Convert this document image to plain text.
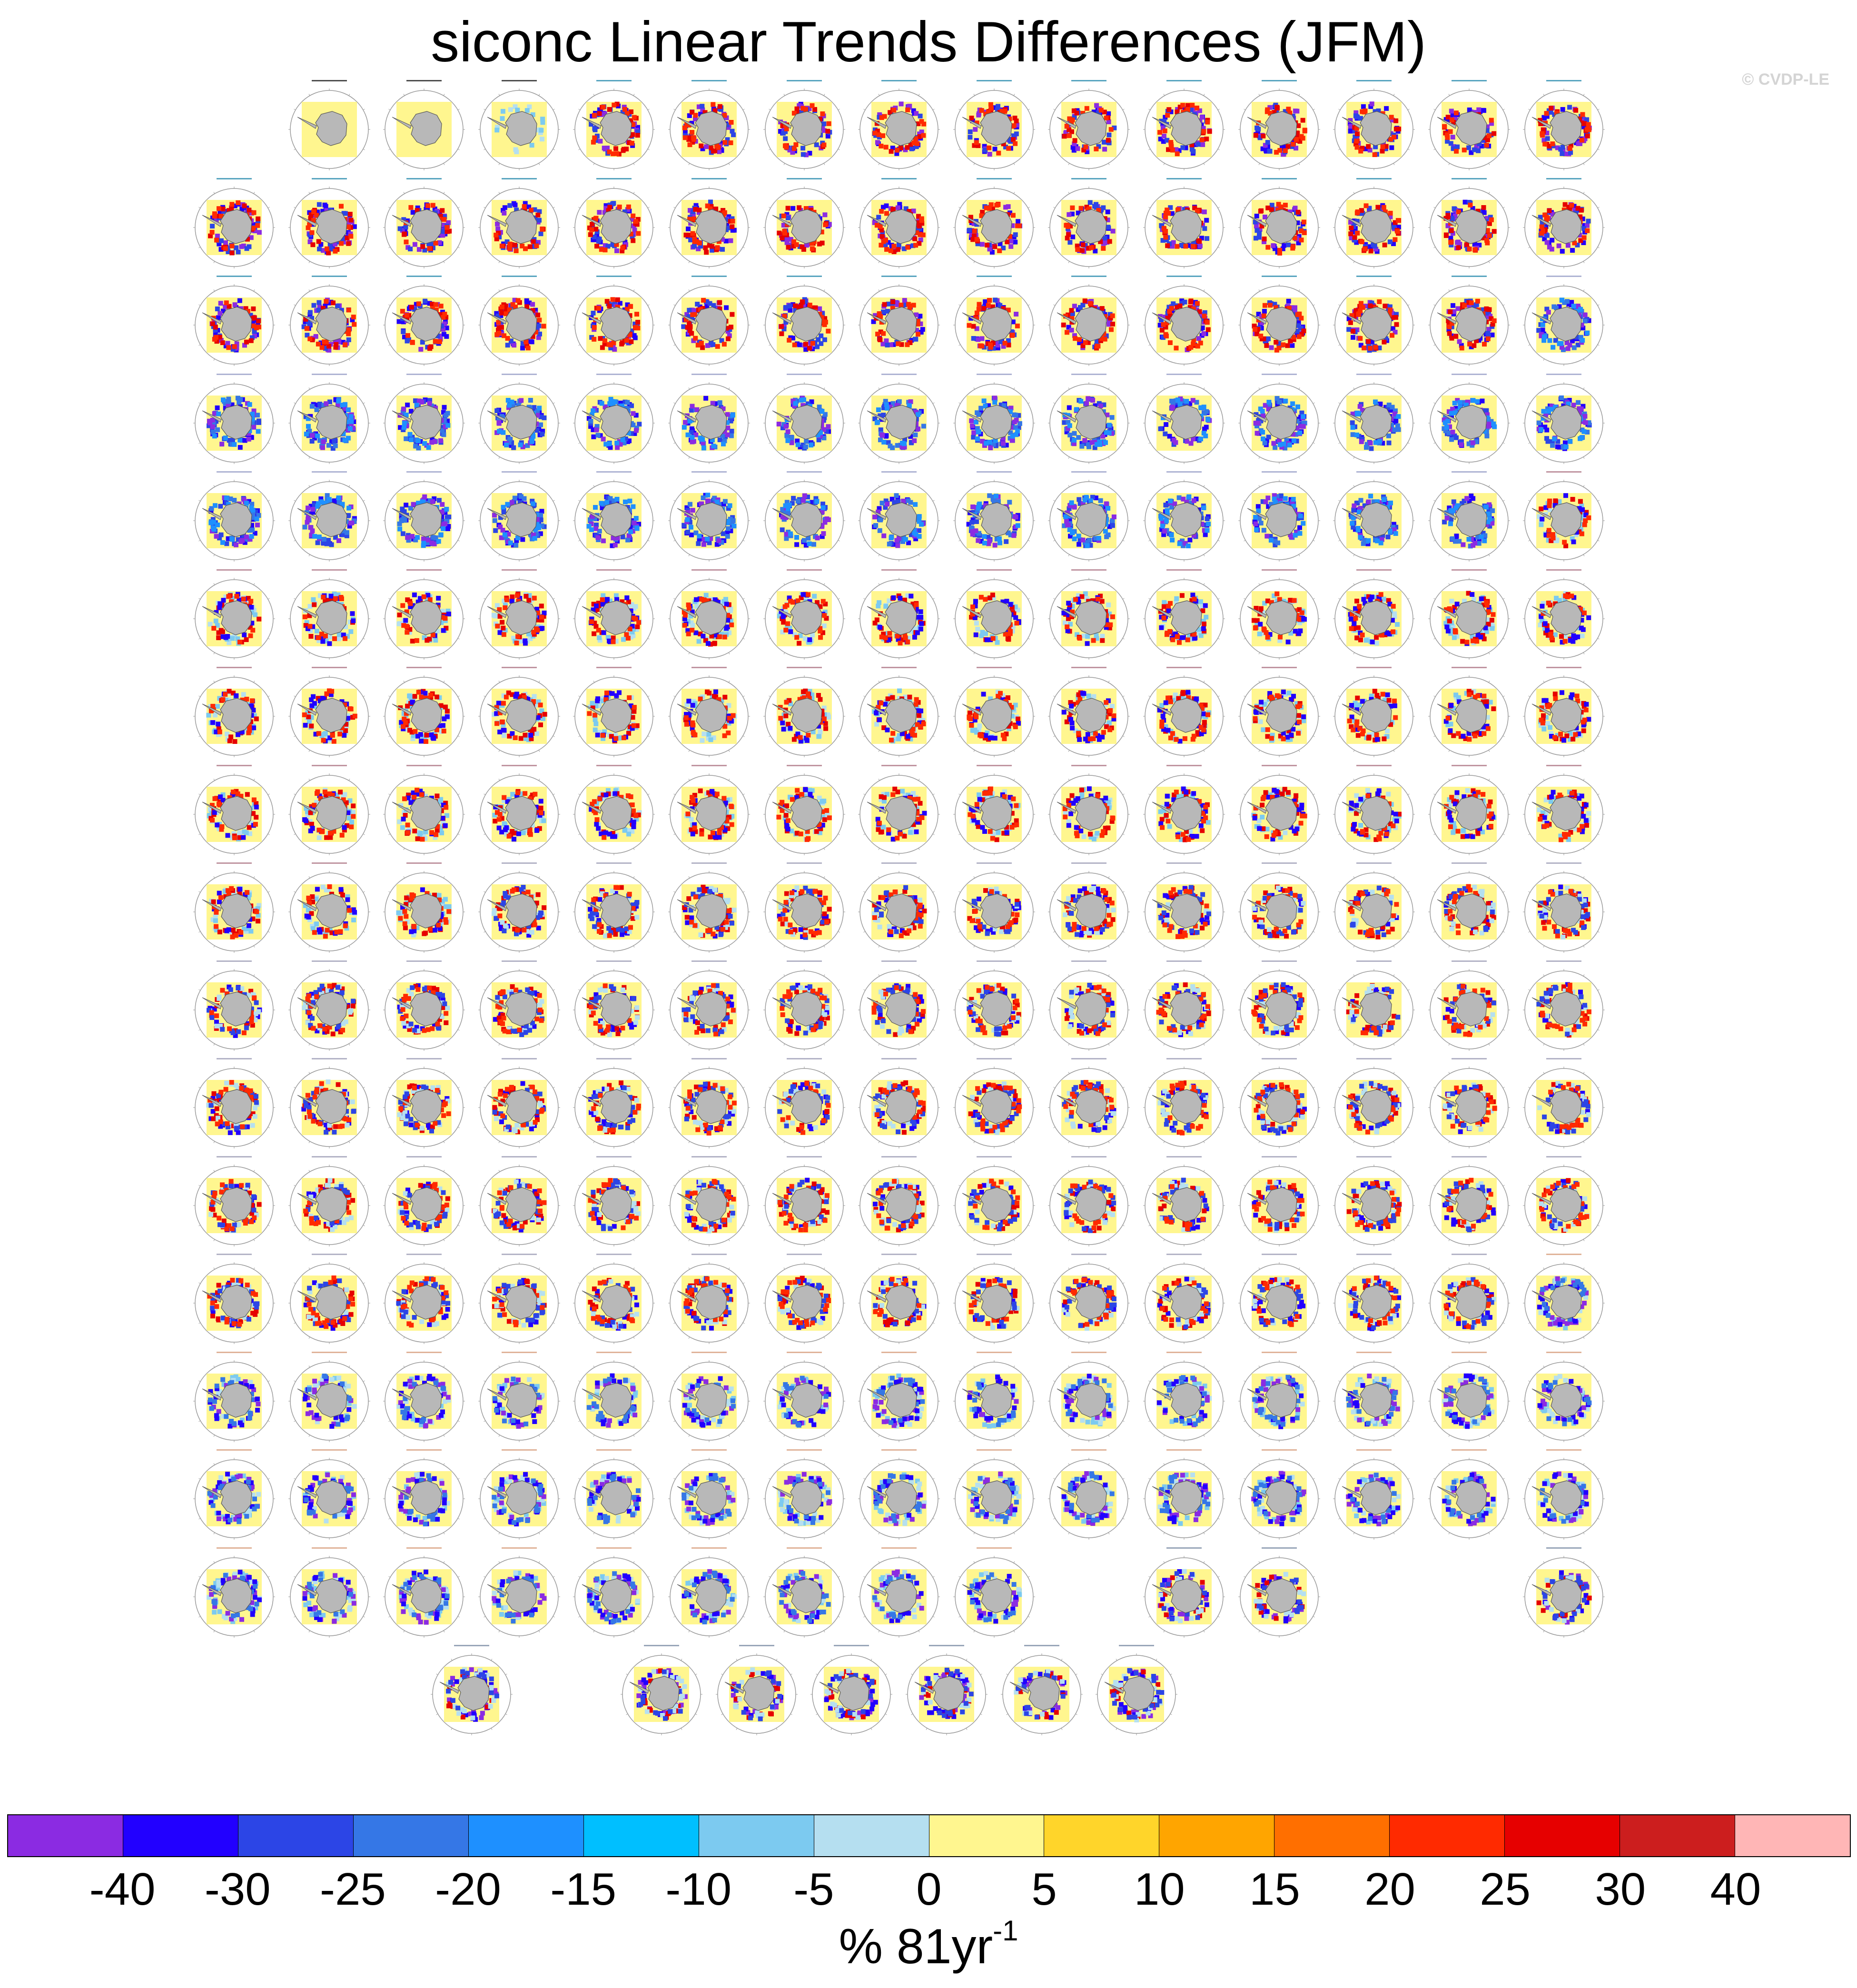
siconc Linear Trends Differences (JFM)
© CVDP-LE
-40 -30 -25 -20 -15 -10 -5 0 5 10 15 20 25 30 40
% $81yr^{-1}$
